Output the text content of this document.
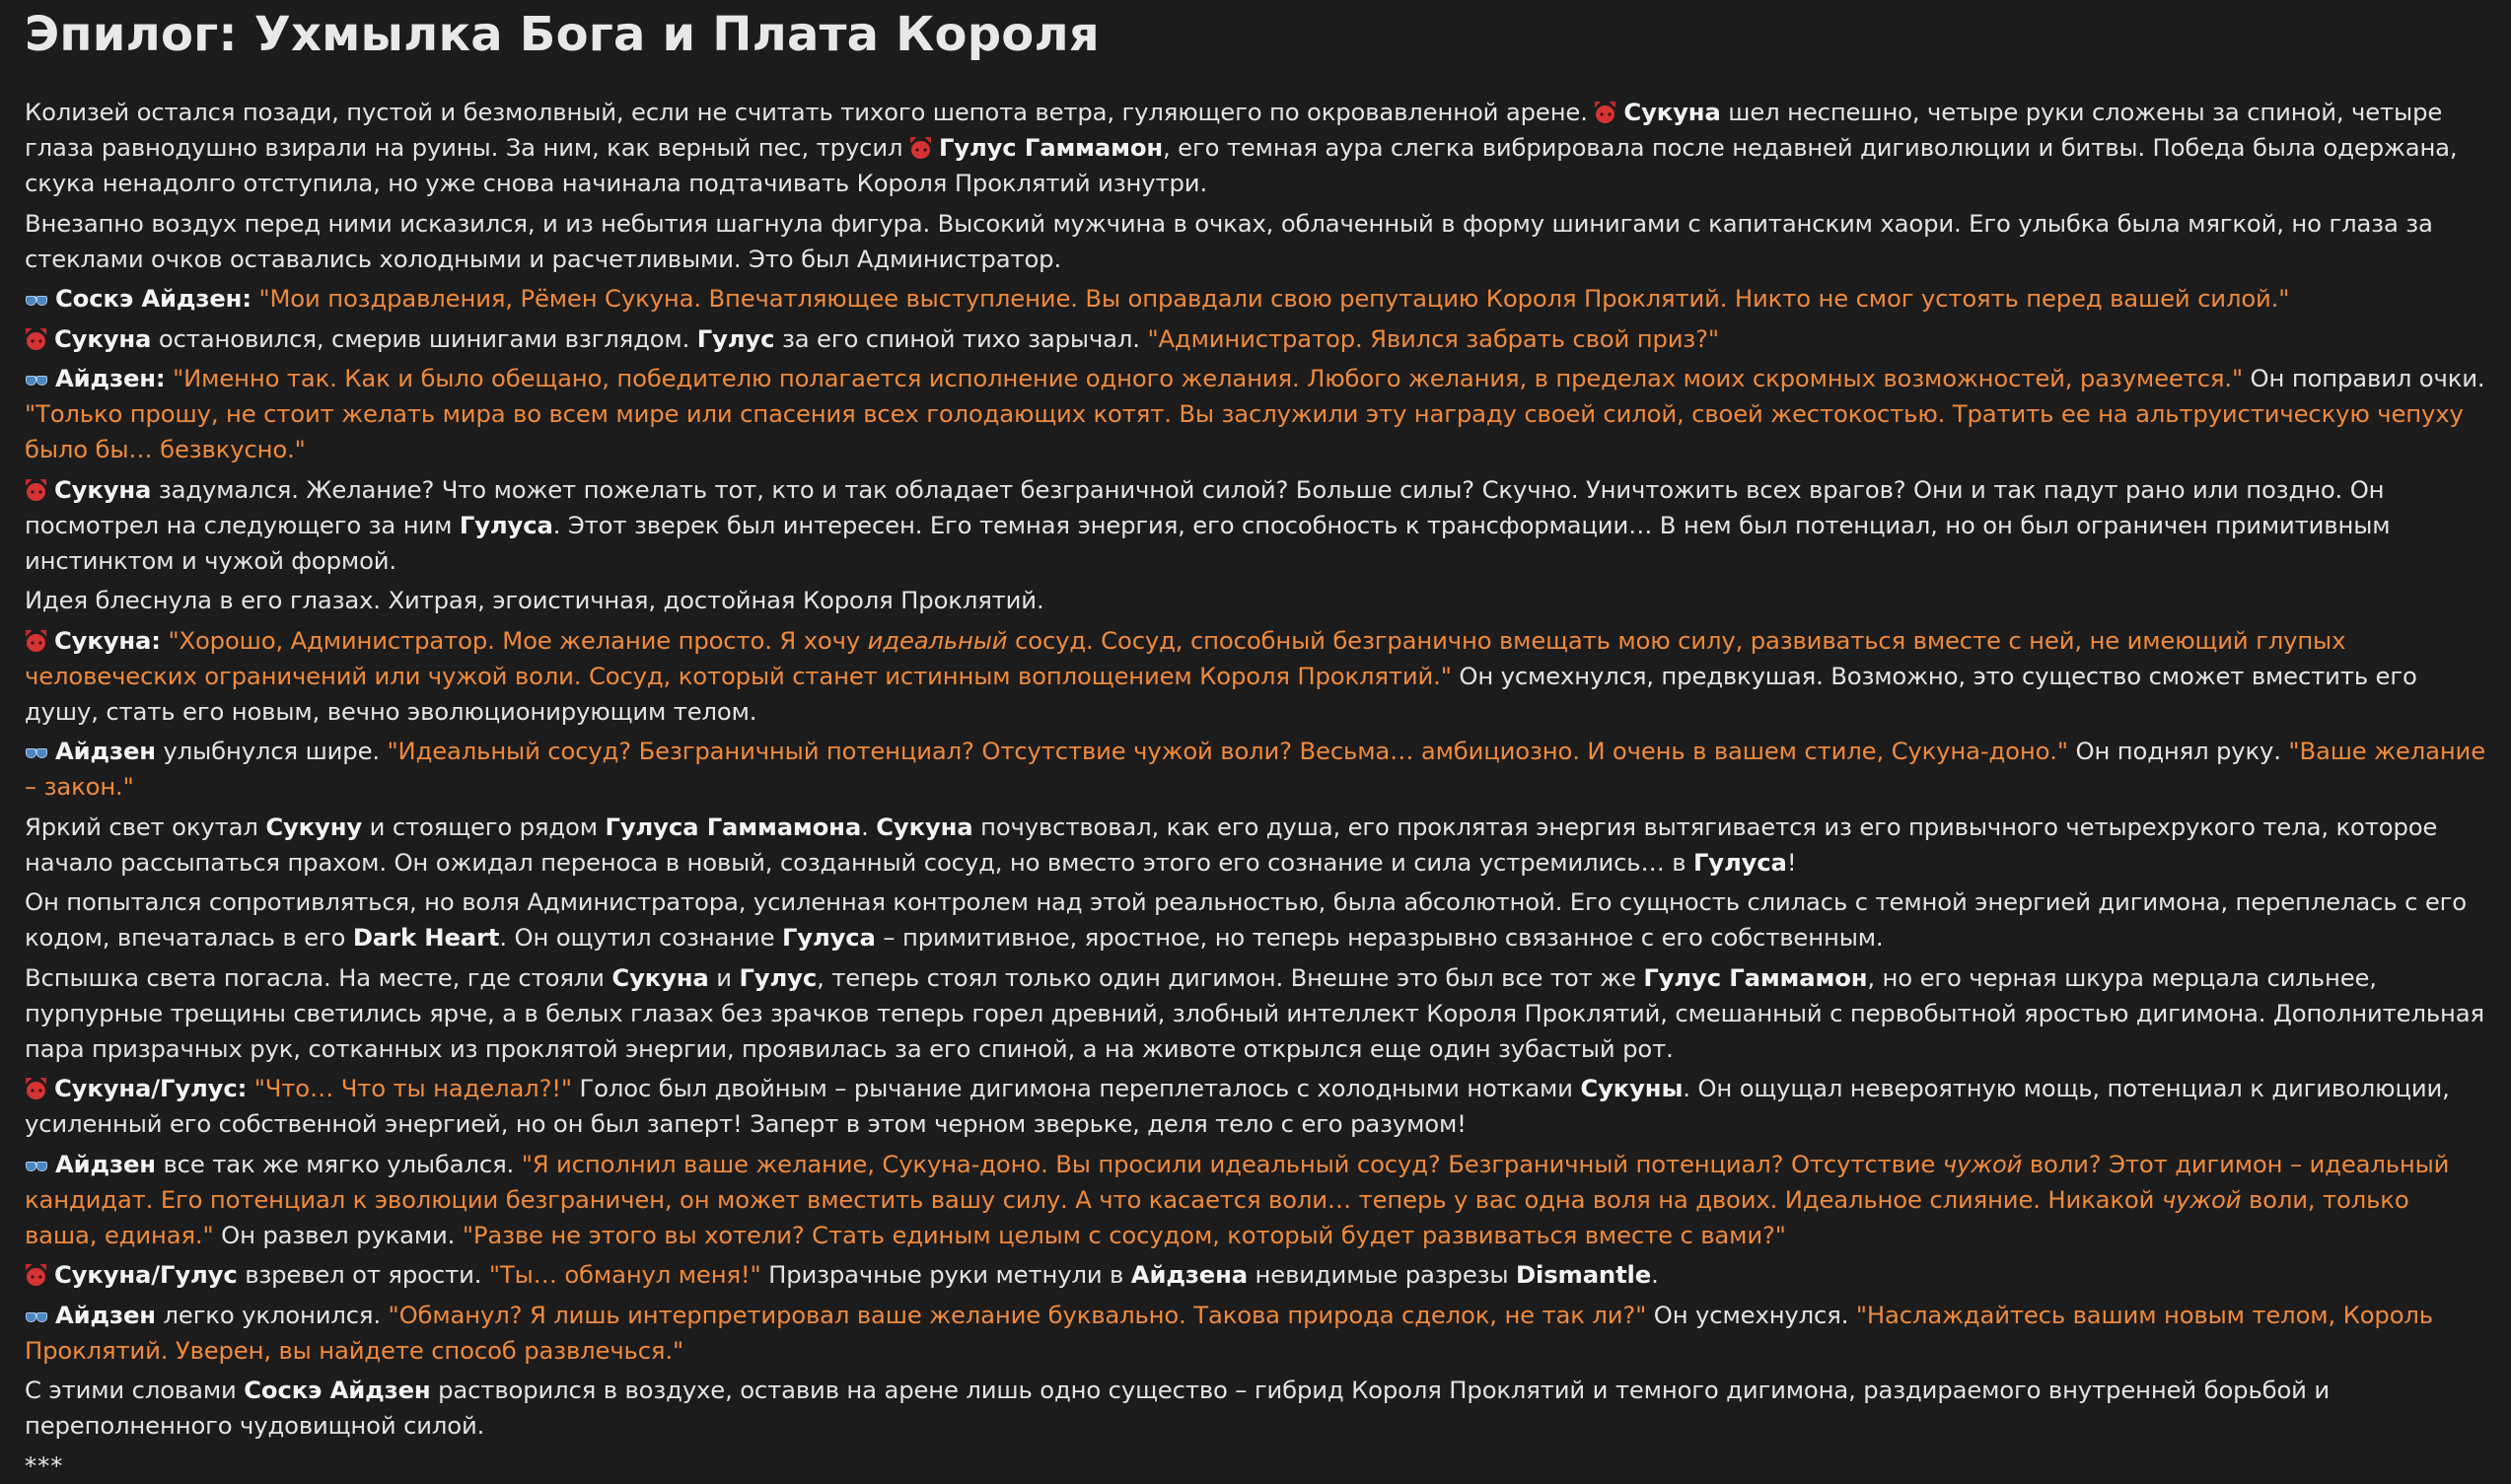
Эпилог: Ухмылка Бога и Плата Короля

Колизей остался позади, пустой и безмолвный, если не считать тихого шепота ветра, гуляющего по окровавленной арене.
Сукуна шел неспешно, четыре руки сложены за спиной, четыре глаза равнодушно взирали на руины. За ним, как верный пес, трусил
Гулус Гаммамон, его темная аура слегка вибрировала после недавней дигиволюции и битвы. Победа была одержана, скука ненадолго отступила, но уже снова начинала подтачивать Короля Проклятий изнутри.

Внезапно воздух перед ними исказился, и из небытия шагнула фигура. Высокий мужчина в очках, облаченный в форму шинигами с капитанским хаори. Его улыбка была мягкой, но глаза за стеклами очков оставались холодными и расчетливыми. Это был Администратор.

Соскэ Айдзен: "Мои поздравления, Рёмен Сукуна. Впечатляющее выступление. Вы оправдали свою репутацию Короля Проклятий. Никто не смог устоять перед вашей силой."

Сукуна остановился, смерив шинигами взглядом. Гулус за его спиной тихо зарычал. "Администратор. Явился забрать свой приз?"

Айдзен: "Именно так. Как и было обещано, победителю полагается исполнение одного желания. Любого желания, в пределах моих скромных возможностей, разумеется." Он поправил очки. "Только прошу, не стоит желать мира во всем мире или спасения всех голодающих котят. Вы заслужили эту награду своей силой, своей жестокостью. Тратить ее на альтруистическую чепуху было бы… безвкусно."

Сукуна задумался. Желание? Что может пожелать тот, кто и так обладает безграничной силой? Больше силы? Скучно. Уничтожить всех врагов? Они и так падут рано или поздно. Он посмотрел на следующего за ним Гулуса. Этот зверек был интересен. Его темная энергия, его способность к трансформации… В нем был потенциал, но он был ограничен примитивным инстинктом и чужой формой.

Идея блеснула в его глазах. Хитрая, эгоистичная, достойная Короля Проклятий.

Сукуна: "Хорошо, Администратор. Мое желание просто. Я хочу идеальный сосуд. Сосуд, способный безгранично вмещать мою силу, развиваться вместе с ней, не имеющий глупых человеческих ограничений или чужой воли. Сосуд, который станет истинным воплощением Короля Проклятий." Он усмехнулся, предвкушая. Возможно, это существо сможет вместить его душу, стать его новым, вечно эволюционирующим телом.

Айдзен улыбнулся шире. "Идеальный сосуд? Безграничный потенциал? Отсутствие чужой воли? Весьма… амбициозно. И очень в вашем стиле, Сукуна-доно." Он поднял руку. "Ваше желание – закон."

Яркий свет окутал Сукуну и стоящего рядом Гулуса Гаммамона. Сукуна почувствовал, как его душа, его проклятая энергия вытягивается из его привычного четырехрукого тела, которое начало рассыпаться прахом. Он ожидал переноса в новый, созданный сосуд, но вместо этого его сознание и сила устремились… в Гулуса!

Он попытался сопротивляться, но воля Администратора, усиленная контролем над этой реальностью, была абсолютной. Его сущность слилась с темной энергией дигимона, переплелась с его кодом, впечаталась в его Dark Heart. Он ощутил сознание Гулуса – примитивное, яростное, но теперь неразрывно связанное с его собственным.

Вспышка света погасла. На месте, где стояли Сукуна и Гулус, теперь стоял только один дигимон. Внешне это был все тот же Гулус Гаммамон, но его черная шкура мерцала сильнее, пурпурные трещины светились ярче, а в белых глазах без зрачков теперь горел древний, злобный интеллект Короля Проклятий, смешанный с первобытной яростью дигимона. Дополнительная пара призрачных рук, сотканных из проклятой энергии, проявилась за его спиной, а на животе открылся еще один зубастый рот.

Сукуна/Гулус: "Что… Что ты наделал?!" Голос был двойным – рычание дигимона переплеталось с холодными нотками Сукуны. Он ощущал невероятную мощь, потенциал к дигиволюции, усиленный его собственной энергией, но он был заперт! Заперт в этом черном зверьке, деля тело с его разумом!

Айдзен все так же мягко улыбался. "Я исполнил ваше желание, Сукуна-доно. Вы просили идеальный сосуд? Безграничный потенциал? Отсутствие чужой воли? Этот дигимон – идеальный кандидат. Его потенциал к эволюции безграничен, он может вместить вашу силу. А что касается воли… теперь у вас одна воля на двоих. Идеальное слияние. Никакой чужой воли, только ваша, единая." Он развел руками. "Разве не этого вы хотели? Стать единым целым с сосудом, который будет развиваться вместе с вами?"

Сукуна/Гулус взревел от ярости. "Ты… обманул меня!" Призрачные руки метнули в Айдзена невидимые разрезы Dismantle.

Айдзен легко уклонился. "Обманул? Я лишь интерпретировал ваше желание буквально. Такова природа сделок, не так ли?" Он усмехнулся. "Наслаждайтесь вашим новым телом, Король Проклятий. Уверен, вы найдете способ развлечься."

С этими словами Соскэ Айдзен растворился в воздухе, оставив на арене лишь одно существо – гибрид Короля Проклятий и темного дигимона, раздираемого внутренней борьбой и переполненного чудовищной силой.

***
